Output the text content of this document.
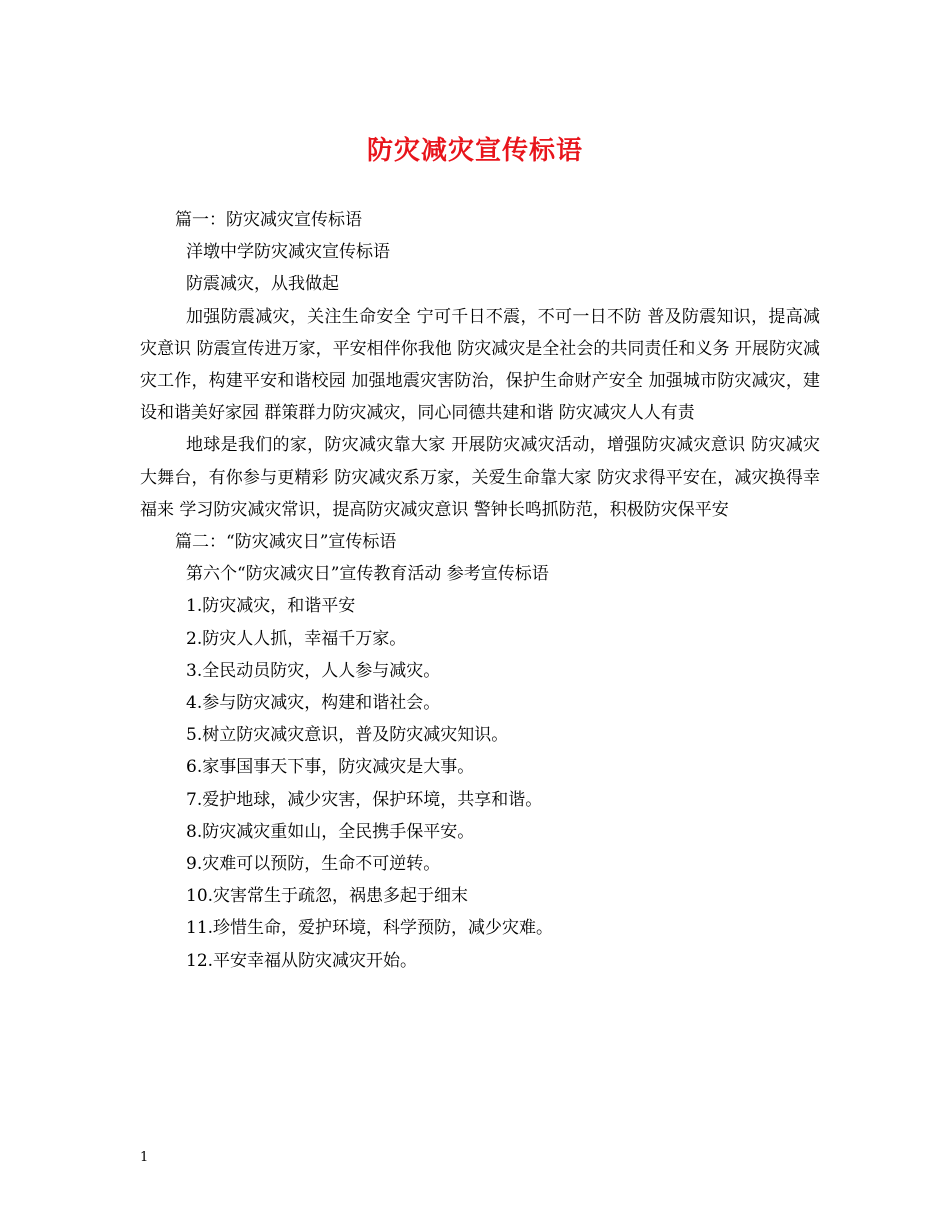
防灾减灾宣传标语

篇一：防灾减灾宣传标语

洋墩中学防灾减灾宣传标语

防震减灾，从我做起

加强防震减灾，关注生命安全 宁可千日不震，不可一日不防 普及防震知识，提高减灾意识 防震宣传进万家，平安相伴你我他 防灾减灾是全社会的共同责任和义务 开展防灾减灾工作，构建平安和谐校园 加强地震灾害防治，保护生命财产安全 加强城市防灾减灾，建设和谐美好家园 群策群力防灾减灾，同心同德共建和谐 防灾减灾人人有责

地球是我们的家，防灾减灾靠大家 开展防灾减灾活动，增强防灾减灾意识 防灾减灾大舞台，有你参与更精彩 防灾减灾系万家，关爱生命靠大家 防灾求得平安在，减灾换得幸福来 学习防灾减灾常识，提高防灾减灾意识 警钟长鸣抓防范，积极防灾保平安

篇二：“防灾减灾日”宣传标语

第六个“防灾减灾日”宣传教育活动 参考宣传标语

1.防灾减灾，和谐平安

2.防灾人人抓，幸福千万家。

3.全民动员防灾，人人参与减灾。

4.参与防灾减灾，构建和谐社会。

5.树立防灾减灾意识，普及防灾减灾知识。

6.家事国事天下事，防灾减灾是大事。

7.爱护地球，减少灾害，保护环境，共享和谐。

8.防灾减灾重如山，全民携手保平安。

9.灾难可以预防，生命不可逆转。

10.灾害常生于疏忽，祸患多起于细末

11.珍惜生命，爱护环境，科学预防，减少灾难。

12.平安幸福从防灾减灾开始。

1
